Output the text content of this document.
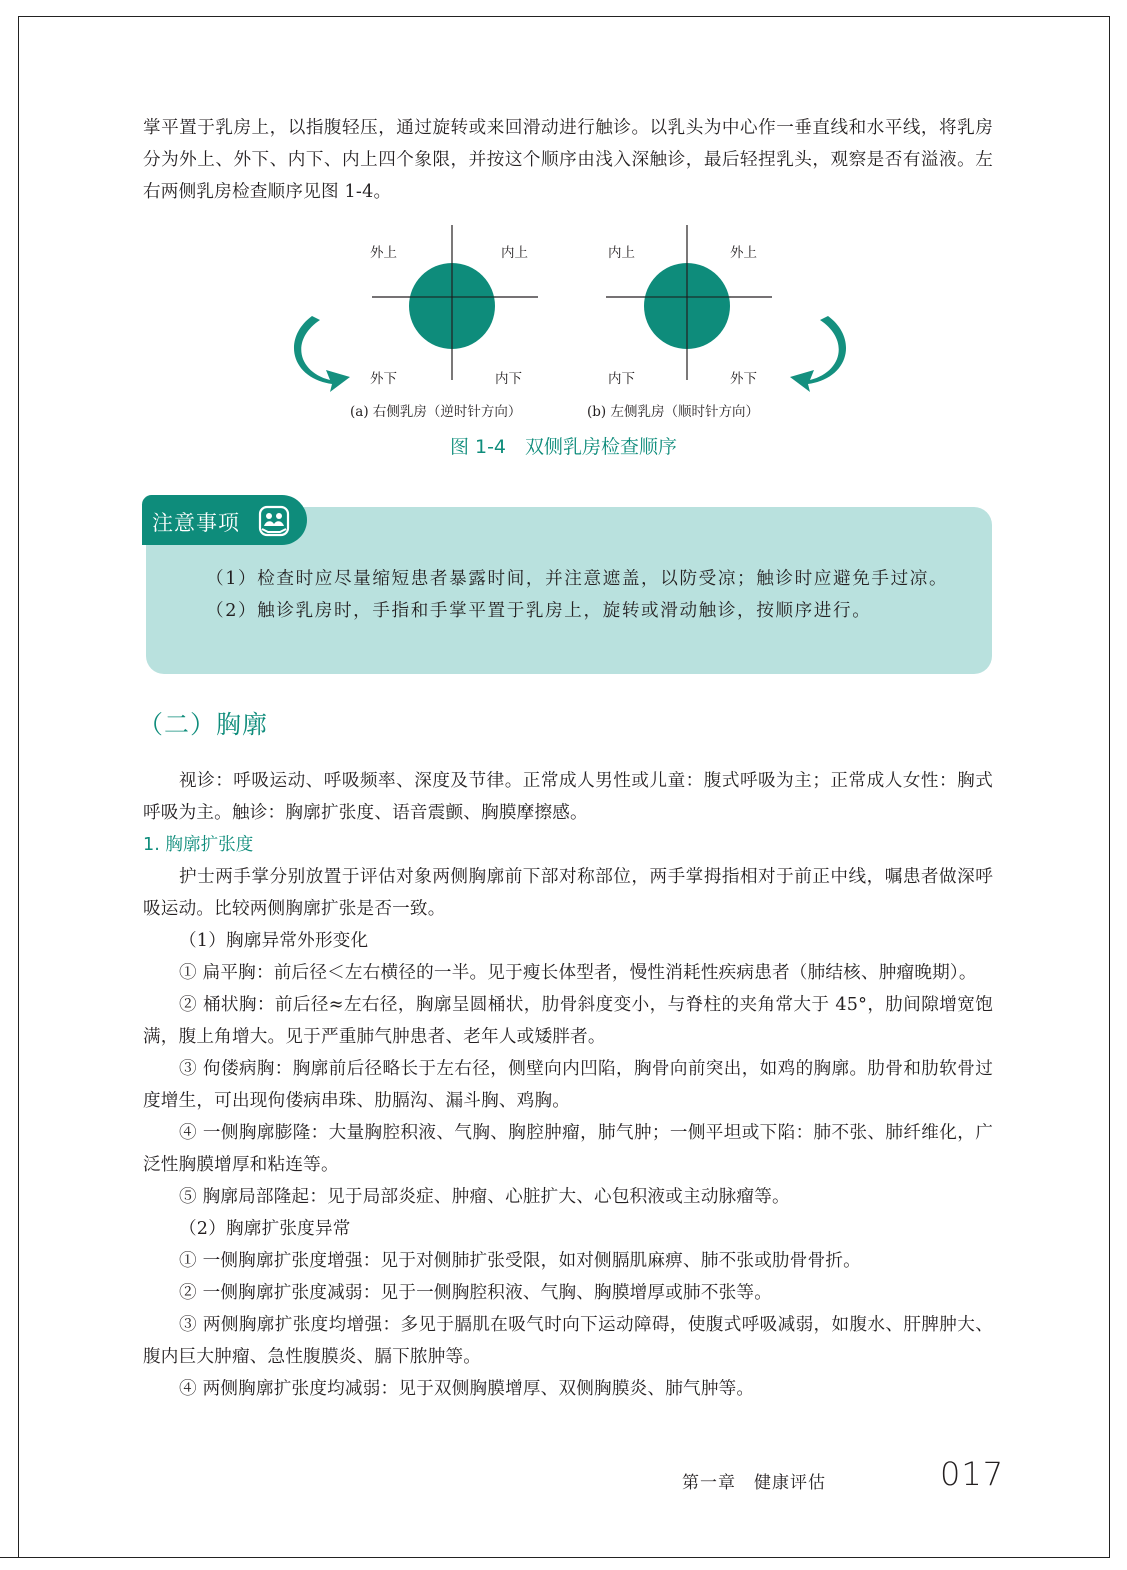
掌平置于乳房上，以指腹轻压，通过旋转或来回滑动进行触诊。以乳头为中心作一垂直线和水平线，将乳房分为外上、外下、内下、内上四个象限，并按这个顺序由浅入深触诊，最后轻捏乳头，观察是否有溢液。左右两侧乳房检查顺序见图 1-4。

外上	内上
外下	内下
(a) 右侧乳房（逆时针方向）
内上	外上
内下	外下
(b) 左侧乳房（顺时针方向）
图 1-4　双侧乳房检查顺序
注意事项

（1）检查时应尽量缩短患者暴露时间，并注意遮盖，以防受凉；触诊时应避免手过凉。

（2）触诊乳房时，手指和手掌平置于乳房上，旋转或滑动触诊，按顺序进行。

（二）胸廓

视诊：呼吸运动、呼吸频率、深度及节律。正常成人男性或儿童：腹式呼吸为主；正常成人女性：胸式呼吸为主。触诊：胸廓扩张度、语音震颤、胸膜摩擦感。

1. 胸廓扩张度

护士两手掌分别放置于评估对象两侧胸廓前下部对称部位，两手掌拇指相对于前正中线，嘱患者做深呼吸运动。比较两侧胸廓扩张是否一致。

（1）胸廓异常外形变化

① 扁平胸：前后径＜左右横径的一半。见于瘦长体型者，慢性消耗性疾病患者（肺结核、肿瘤晚期）。

② 桶状胸：前后径≈左右径，胸廓呈圆桶状，肋骨斜度变小，与脊柱的夹角常大于 45°，肋间隙增宽饱满，腹上角增大。见于严重肺气肿患者、老年人或矮胖者。

③ 佝偻病胸：胸廓前后径略长于左右径，侧壁向内凹陷，胸骨向前突出，如鸡的胸廓。肋骨和肋软骨过度增生，可出现佝偻病串珠、肋膈沟、漏斗胸、鸡胸。

④ 一侧胸廓膨隆：大量胸腔积液、气胸、胸腔肿瘤，肺气肿；一侧平坦或下陷：肺不张、肺纤维化，广泛性胸膜增厚和粘连等。

⑤ 胸廓局部隆起：见于局部炎症、肿瘤、心脏扩大、心包积液或主动脉瘤等。

（2）胸廓扩张度异常

① 一侧胸廓扩张度增强：见于对侧肺扩张受限，如对侧膈肌麻痹、肺不张或肋骨骨折。

② 一侧胸廓扩张度减弱：见于一侧胸腔积液、气胸、胸膜增厚或肺不张等。

③ 两侧胸廓扩张度均增强：多见于膈肌在吸气时向下运动障碍，使腹式呼吸减弱，如腹水、肝脾肿大、腹内巨大肿瘤、急性腹膜炎、膈下脓肿等。

④ 两侧胸廓扩张度均减弱：见于双侧胸膜增厚、双侧胸膜炎、肺气肿等。

第一章　健康评估	017
